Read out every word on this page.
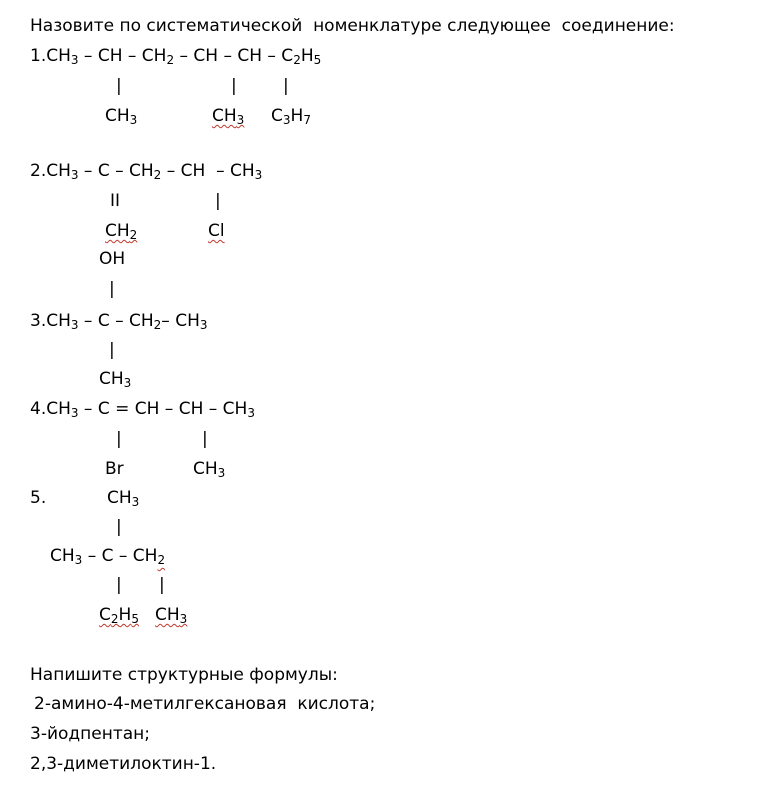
Назовите по систематической  номенклатуре следующее  соединение:
$1.CH_3$ – CH – $CH_2$ – CH – CH – $C_2H_5$
|	|	|
$CH_3$	$CH_3$ $C_3H_7$
$2.CH_3$ – C – $CH_2$ – CH  – $CH_3$
II	|
$CH_2$	Cl
OH
|
$3.CH_3$ – C – $CH_2-$ $CH_3$
|
$CH_3$
$4.CH_3$ – C = CH – CH – $CH_3$
|	|
Br	$CH_3$
5.	$CH_3$
|
$CH_3$ – C – $CH_2$
| |
$C_2H_5$ $CH_3$
Напишите структурные формулы:
2-амино-4-метилгексановая  кислота;
3-йодпентан;
2,3-диметилоктин-1.
